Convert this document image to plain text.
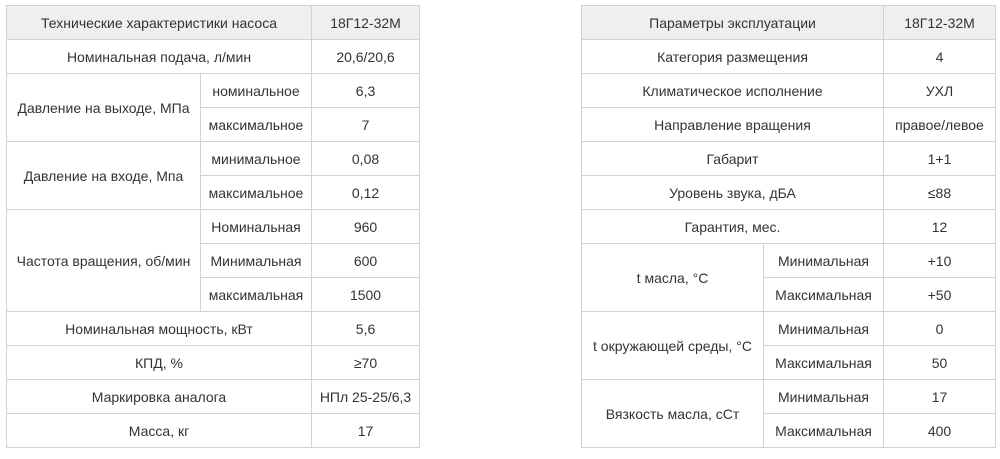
Технические характеристики насоса		18Г12-32М
Номинальная подача, л/мин		20,6/20,6
Давление на выходе, МПа	номинальное	6,3
	максимальное	7
Давление на входе, Мпа	минимальное	0,08
	максимальное	0,12
Частота вращения, об/мин	Номинальная	960
	Минимальная	600
	максимальная	1500
Номинальная мощность, кВт		5,6
КПД, %		≥70
Маркировка аналога		НПл 25-25/6,3
Масса, кг		17
Параметры эксплуатации		18Г12-32М
Категория размещения		4
Климатическое исполнение		УХЛ
Направление вращения		правое/левое
Габарит		1+1
Уровень звука, дБА		≤88
Гарантия, мес.		12
t масла, °С	Минимальная	+10
	Максимальная	+50
t окружающей среды, °С	Минимальная	0
	Максимальная	50
Вязкость масла, сСт	Минимальная	17
	Максимальная	400
